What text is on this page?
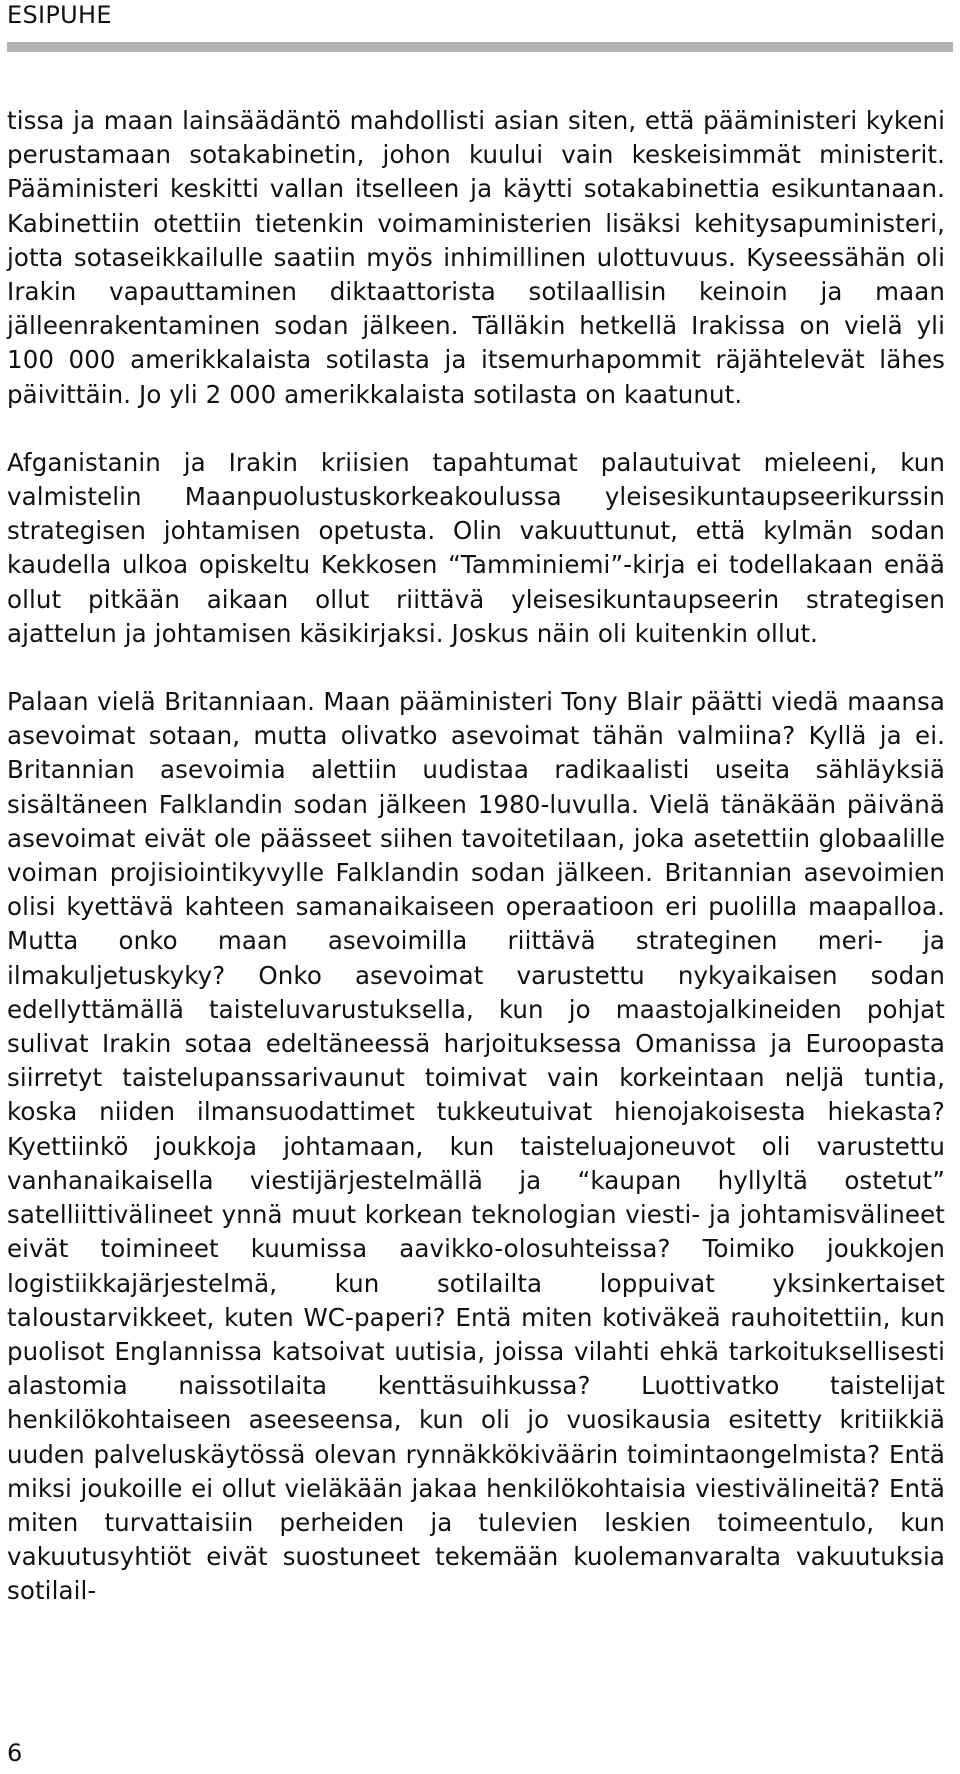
ESIPUHE

tissa ja maan lainsäädäntö mahdollisti asian siten, että pääministeri kykeni perustamaan sotakabinetin, johon kuului vain keskeisimmät ministerit. Pääministeri keskitti vallan itselleen ja käytti sotakabinettia esikuntanaan. Kabinettiin otettiin tietenkin voimaministerien lisäksi kehitysapuministeri, jotta sotaseikkailulle saatiin myös inhimillinen ulottuvuus. Kyseessähän oli Irakin vapauttaminen diktaattorista sotilaallisin keinoin ja maan jälleenrakentaminen sodan jälkeen. Tälläkin hetkellä Irakissa on vielä yli 100 000 amerikkalaista sotilasta ja itsemurhapommit räjähtelevät lähes päivittäin. Jo yli 2 000 amerikkalaista sotilasta on kaatunut.

Afganistanin ja Irakin kriisien tapahtumat palautuivat mieleeni, kun valmistelin Maanpuolustuskorkeakoulussa yleisesikuntaupseerikurssin strategisen johtamisen opetusta. Olin vakuuttunut, että kylmän sodan kaudella ulkoa opiskeltu Kekkosen “Tamminiemi”-kirja ei todellakaan enää ollut pitkään aikaan ollut riittävä yleisesikuntaupseerin strategisen ajattelun ja johtamisen käsikirjaksi. Joskus näin oli kuitenkin ollut.

Palaan vielä Britanniaan. Maan pääministeri Tony Blair päätti viedä maansa asevoimat sotaan, mutta olivatko asevoimat tähän valmiina? Kyllä ja ei. Britannian asevoimia alettiin uudistaa radikaalisti useita sähläyksiä sisältäneen Falklandin sodan jälkeen 1980-luvulla. Vielä tänäkään päivänä asevoimat eivät ole päässeet siihen tavoitetilaan, joka asetettiin globaalille voiman projisiointikyvylle Falklandin sodan jälkeen. Britannian asevoimien olisi kyettävä kahteen samanaikaiseen operaatioon eri puolilla maapalloa. Mutta onko maan asevoimilla riittävä strateginen meri- ja ilmakuljetuskyky? Onko asevoimat varustettu nykyaikaisen sodan edellyttämällä taisteluvarustuksella, kun jo maastojalkineiden pohjat sulivat Irakin sotaa edeltäneessä harjoituksessa Omanissa ja Euroopasta siirretyt taistelupanssarivaunut toimivat vain korkeintaan neljä tuntia, koska niiden ilmansuodattimet tukkeutuivat hienojakoisesta hiekasta? Kyettiinkö joukkoja johtamaan, kun taisteluajoneuvot oli varustettu vanhanaikaisella viestijärjestelmällä ja “kaupan hyllyltä ostetut” satelliittivälineet ynnä muut korkean teknologian viesti- ja johtamisvälineet eivät toimineet kuumissa aavikko-olosuhteissa? Toimiko joukkojen logistiikkajärjestelmä, kun sotilailta loppuivat yksinkertaiset taloustarvikkeet, kuten WC-paperi? Entä miten kotiväkeä rauhoitettiin, kun puolisot Englannissa katsoivat uutisia, joissa vilahti ehkä tarkoituksellisesti alastomia naissotilaita kenttäsuihkussa? Luottivatko taistelijat henkilökohtaiseen aseeseensa, kun oli jo vuosikausia esitetty kritiikkiä uuden palveluskäytössä olevan rynnäkkökiväärin toimintaongelmista? Entä miksi joukoille ei ollut vieläkään jakaa henkilökohtaisia viestivälineitä? Entä miten turvattaisiin perheiden ja tulevien leskien toimeentulo, kun vakuutusyhtiöt eivät suostuneet tekemään kuolemanvaralta vakuutuksia sotilail-

6
